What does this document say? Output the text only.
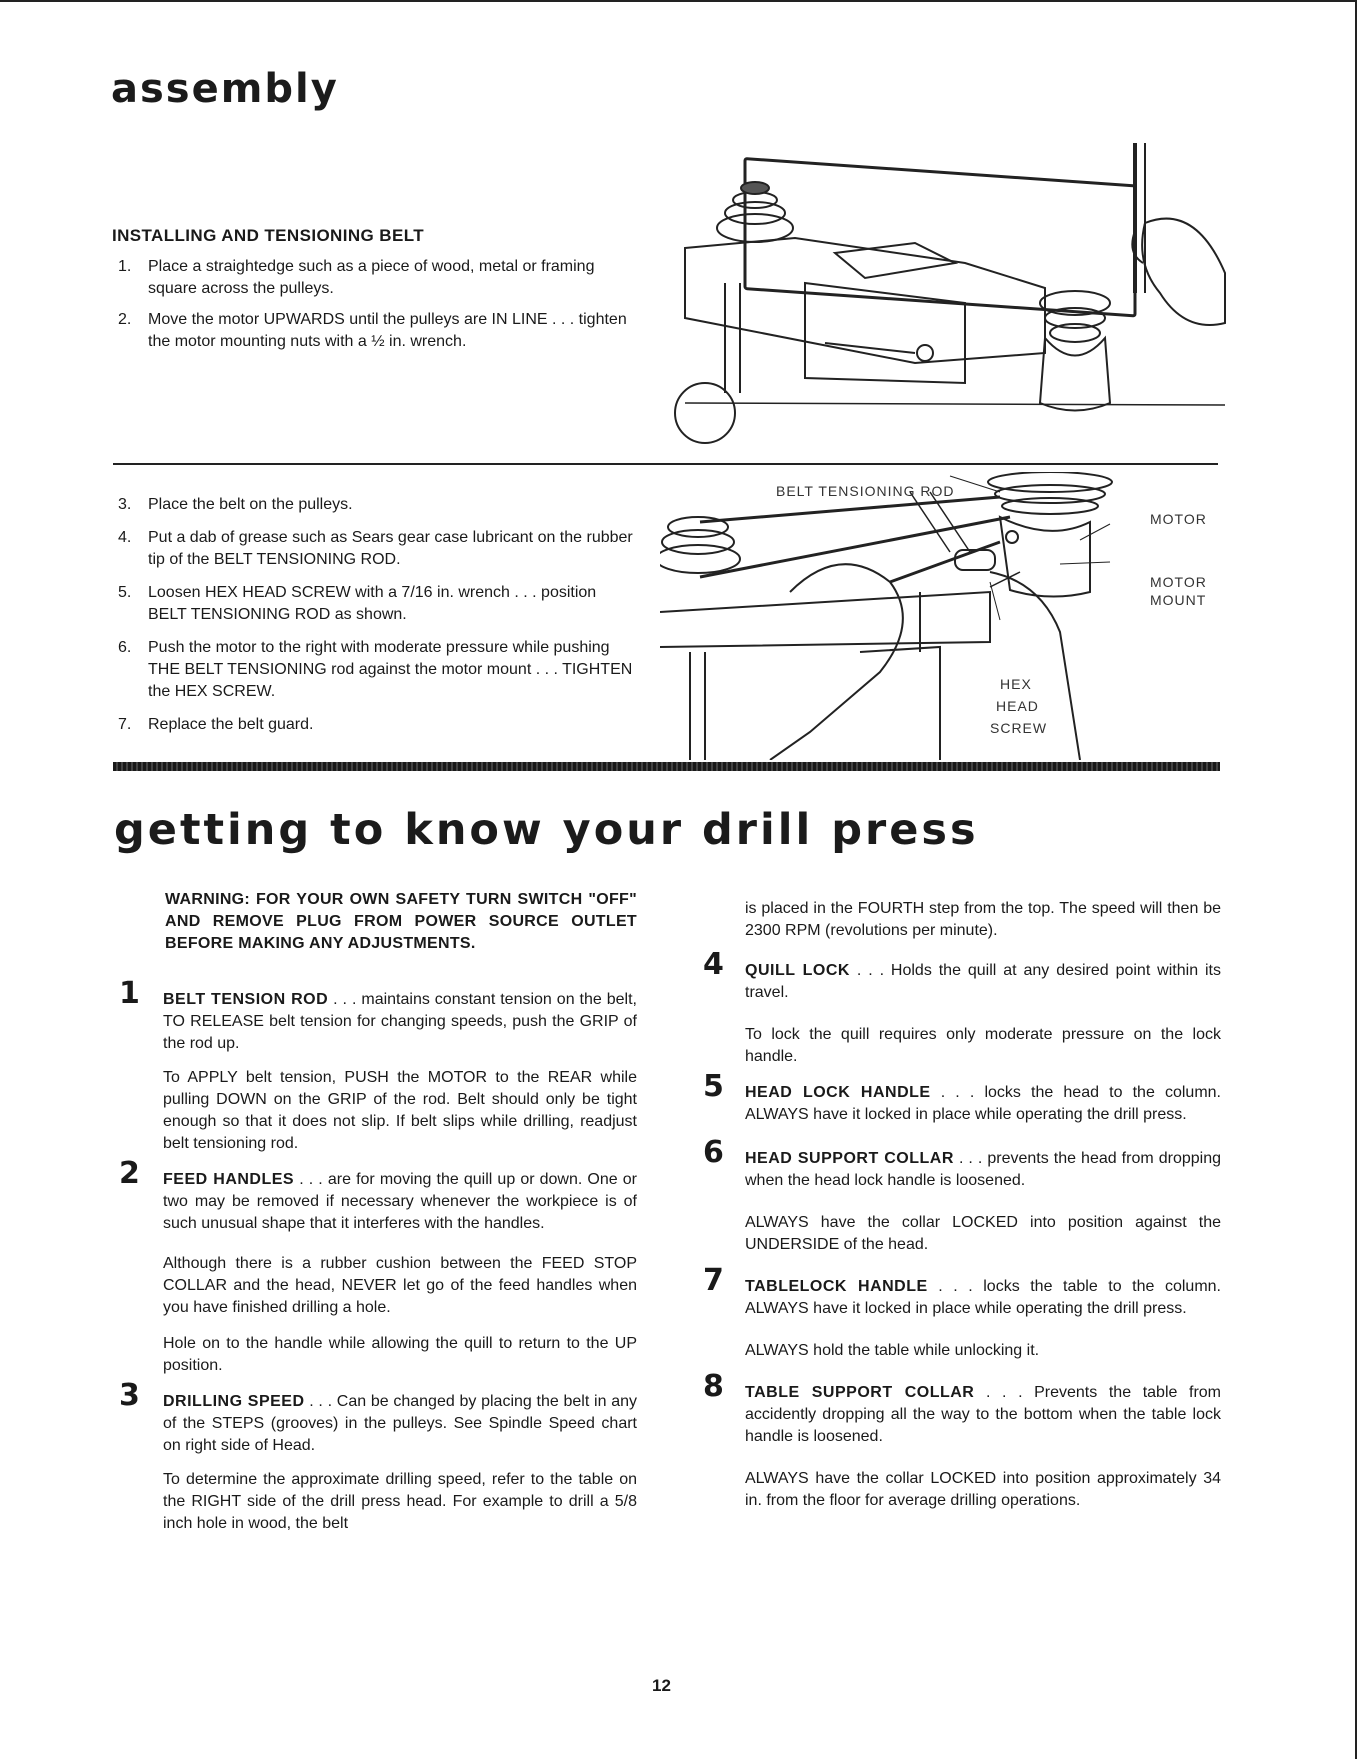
assembly
INSTALLING AND TENSIONING BELT
1. Place a straightedge such as a piece of wood, metal or framing square across the pulleys.
2. Move the motor UPWARDS until the pulleys are IN LINE . . . tighten the motor mounting nuts with a ½ in. wrench.
3. Place the belt on the pulleys.
4. Put a dab of grease such as Sears gear case lubricant on the rubber tip of the BELT TENSIONING ROD.
5. Loosen HEX HEAD SCREW with a 7/16 in. wrench . . . position BELT TENSIONING ROD as shown.
6. Push the motor to the right with moderate pressure while pushing THE BELT TENSIONING rod against the motor mount . . . TIGHTEN the HEX SCREW.
7. Replace the belt guard.
BELT TENSIONING ROD
MOTOR
MOTOR
MOUNT
HEX
HEAD
SCREW
getting to know your drill press

WARNING: FOR YOUR OWN SAFETY TURN SWITCH "OFF" AND REMOVE PLUG FROM POWER SOURCE OUTLET BEFORE MAKING ANY ADJUSTMENTS.

1 BELT TENSION ROD . . . maintains constant tension on the belt, TO RELEASE belt tension for changing speeds, push the GRIP of the rod up.

To APPLY belt tension, PUSH the MOTOR to the REAR while pulling DOWN on the GRIP of the rod. Belt should only be tight enough so that it does not slip. If belt slips while drilling, readjust belt tensioning rod.

2 FEED HANDLES . . . are for moving the quill up or down. One or two may be removed if necessary whenever the workpiece is of such unusual shape that it interferes with the handles.

Although there is a rubber cushion between the FEED STOP COLLAR and the head, NEVER let go of the feed handles when you have finished drilling a hole.

Hole on to the handle while allowing the quill to return to the UP position.

3 DRILLING SPEED . . . Can be changed by placing the belt in any of the STEPS (grooves) in the pulleys. See Spindle Speed chart on right side of Head.

To determine the approximate drilling speed, refer to the table on the RIGHT side of the drill press head. For example to drill a 5/8 inch hole in wood, the belt

is placed in the FOURTH step from the top. The speed will then be 2300 RPM (revolutions per minute).

4 QUILL LOCK . . . Holds the quill at any desired point within its travel.

To lock the quill requires only moderate pressure on the lock handle.

5 HEAD LOCK HANDLE . . . locks the head to the column. ALWAYS have it locked in place while operating the drill press.

6 HEAD SUPPORT COLLAR . . . prevents the head from dropping when the head lock handle is loosened.

ALWAYS have the collar LOCKED into position against the UNDERSIDE of the head.

7 TABLELOCK HANDLE . . . locks the table to the column. ALWAYS have it locked in place while operating the drill press.

ALWAYS hold the table while unlocking it.

8 TABLE SUPPORT COLLAR . . . Prevents the table from accidently dropping all the way to the bottom when the table lock handle is loosened.

ALWAYS have the collar LOCKED into position approximately 34 in. from the floor for average drilling operations.

12
